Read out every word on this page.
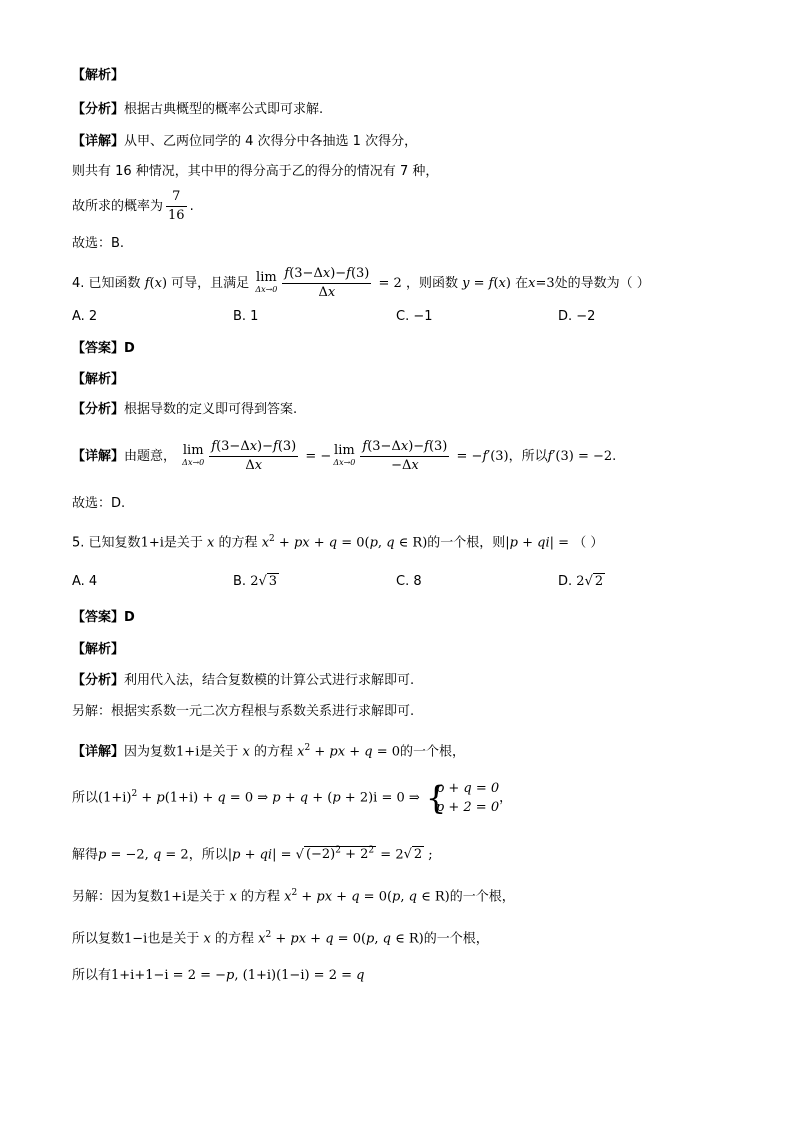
【解析】
【分析】根据古典概型的概率公式即可求解.
【详解】从甲、乙两位同学的 4 次得分中各抽选 1 次得分，
则共有 16 种情况，其中甲的得分高于乙的得分的情况有 7 种，
故所求的概率为 $\frac{7}{16}$ .
故选：B.
4. 已知函数 f(x) 可导，且满足 lim
$\Delta x\to 0 \frac{f(3-\Delta x)-f(3)}{\Delta x} = 2$ ，则函数 y = f(x) 在x=3处的导数为（ ）
A. 2	B. 1	C. −1	D. −2
【答案】D
【解析】
【分析】根据导数的定义即可得到答案.
【详解】由题意， lim
$\Delta x\to 0 \frac{f(3-\Delta x)-f(3)}{\Delta x}$ = − lim
$\Delta x\to 0 \frac{f(3-\Delta x)-f(3)}{-\Delta x} = -f'(3)$，所以f′(3) = −2.
故选：D.
5. 已知复数1+i是关于 x 的方程 $x^2$ + px + q = 0(p, q ∈ R)的一个根，则|p + qi| = （ ）
A. 4	B. 2√ 3	C. 8	D. 2√ 2
【答案】D
【解析】
【分析】利用代入法，结合复数模的计算公式进行求解即可.
另解：根据实系数一元二次方程根与系数关系进行求解即可.
【详解】因为复数1+i是关于 x 的方程 $x^2$ + px + q = 0的一个根，
所以$(1+i)^2 + p(1+i) + q = 0$ ⇒ p + q + (p + 2)i = 0 ⇒ {
p + q = 0
p + 2 = 0
，
解得p = −2, q = 2，所以|p + qi| = √ $(-2)^2 + 2^2 = 2√$ 2 ;
另解：因为复数1+i是关于 x 的方程 $x^2$ + px + q = 0(p, q ∈ R)的一个根，
所以复数1−i也是关于 x 的方程 $x^2$ + px + q = 0(p, q ∈ R)的一个根，
所以有1+i+1−i = 2 = −p, (1+i)(1−i) = 2 = q
